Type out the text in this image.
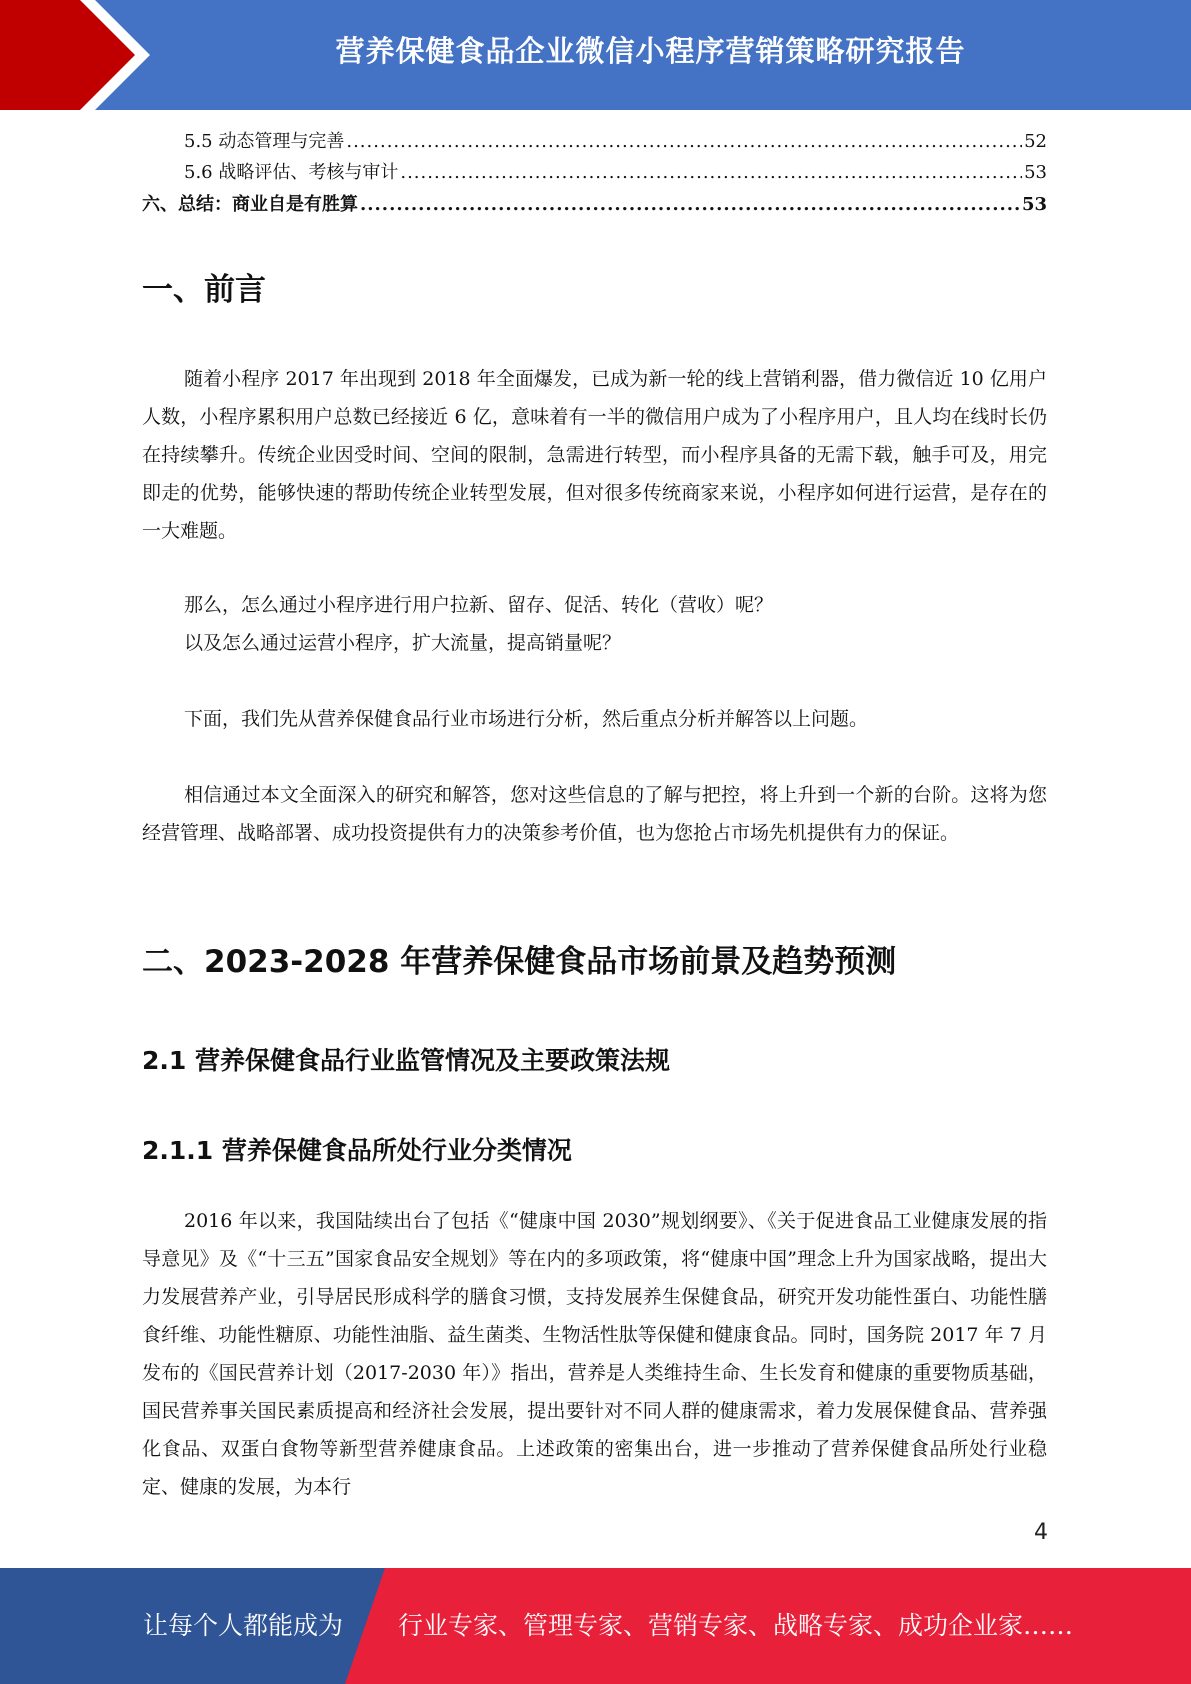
营养保健食品企业微信小程序营销策略研究报告
5.5 动态管理与完善 .....	52
5.6 战略评估、考核与审计 .....	53
六、总结：商业自是有胜算 .....	53
一、前言

随着小程序 2017 年出现到 2018 年全面爆发，已成为新一轮的线上营销利器，借力微信近 10 亿用户人数，小程序累积用户总数已经接近 6 亿，意味着有一半的微信用户成为了小程序用户，且人均在线时长仍在持续攀升。传统企业因受时间、空间的限制，急需进行转型，而小程序具备的无需下载，触手可及，用完即走的优势，能够快速的帮助传统企业转型发展，但对很多传统商家来说，小程序如何进行运营，是存在的一大难题。

那么，怎么通过小程序进行用户拉新、留存、促活、转化（营收）呢？

以及怎么通过运营小程序，扩大流量，提高销量呢？

下面，我们先从营养保健食品行业市场进行分析，然后重点分析并解答以上问题。

相信通过本文全面深入的研究和解答，您对这些信息的了解与把控，将上升到一个新的台阶。这将为您经营管理、战略部署、成功投资提供有力的决策参考价值，也为您抢占市场先机提供有力的保证。

二、2023-2028 年营养保健食品市场前景及趋势预测
2.1 营养保健食品行业监管情况及主要政策法规
2.1.1 营养保健食品所处行业分类情况

2016 年以来，我国陆续出台了包括《“健康中国 2030”规划纲要》、《关于促进食品工业健康发展的指导意见》及《“十三五”国家食品安全规划》等在内的多项政策，将“健康中国”理念上升为国家战略，提出大力发展营养产业，引导居民形成科学的膳食习惯，支持发展养生保健食品，研究开发功能性蛋白、功能性膳食纤维、功能性糖原、功能性油脂、益生菌类、生物活性肽等保健和健康食品。同时，国务院 2017 年 7 月发布的《国民营养计划（2017-2030 年）》指出，营养是人类维持生命、生长发育和健康的重要物质基础，国民营养事关国民素质提高和经济社会发展，提出要针对不同人群的健康需求，着力发展保健食品、营养强化食品、双蛋白食物等新型营养健康食品。上述政策的密集出台，进一步推动了营养保健食品所处行业稳定、健康的发展，为本行

4
让每个人都能成为 行业专家、管理专家、营销专家、战略专家、成功企业家……
